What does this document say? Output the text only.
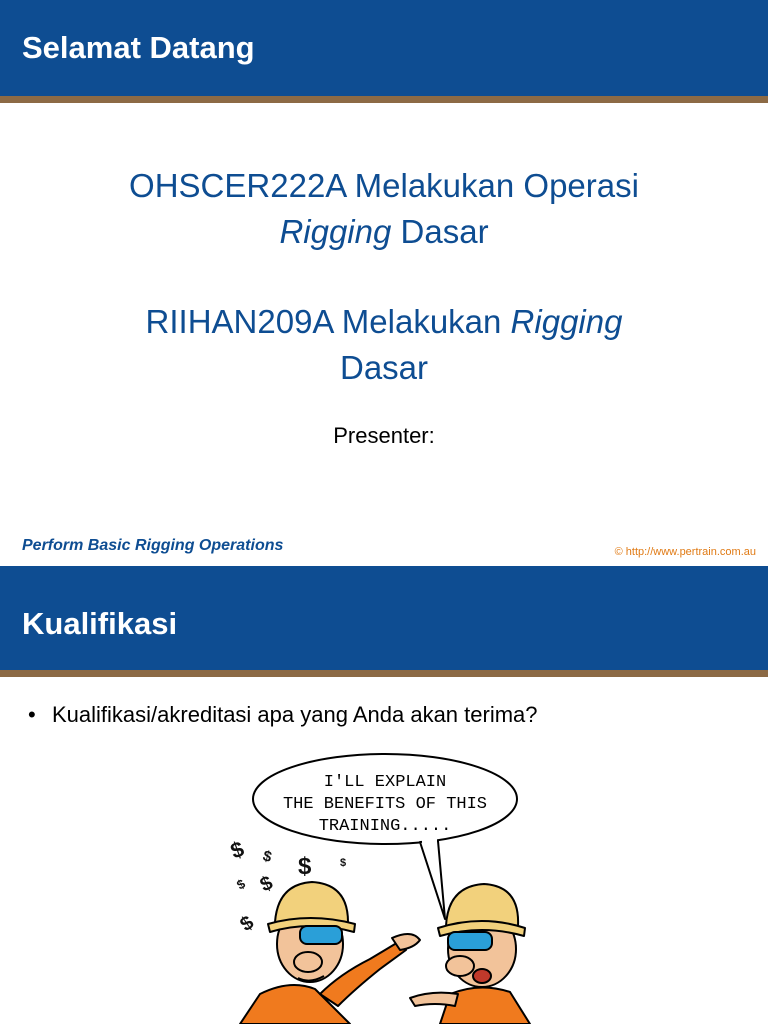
Selamat Datang
OHSCER222A Melakukan Operasi
Rigging Dasar
RIIHAN209A Melakukan Rigging
Dasar
Presenter:
Perform Basic Rigging Operations	© http://www.pertrain.com.au
Kualifikasi
• Kualifikasi/akreditasi apa yang Anda akan terima?
I'LL EXPLAIN
THE BENEFITS OF THIS
TRAINING.....
$ $ $	$
$ $
$
